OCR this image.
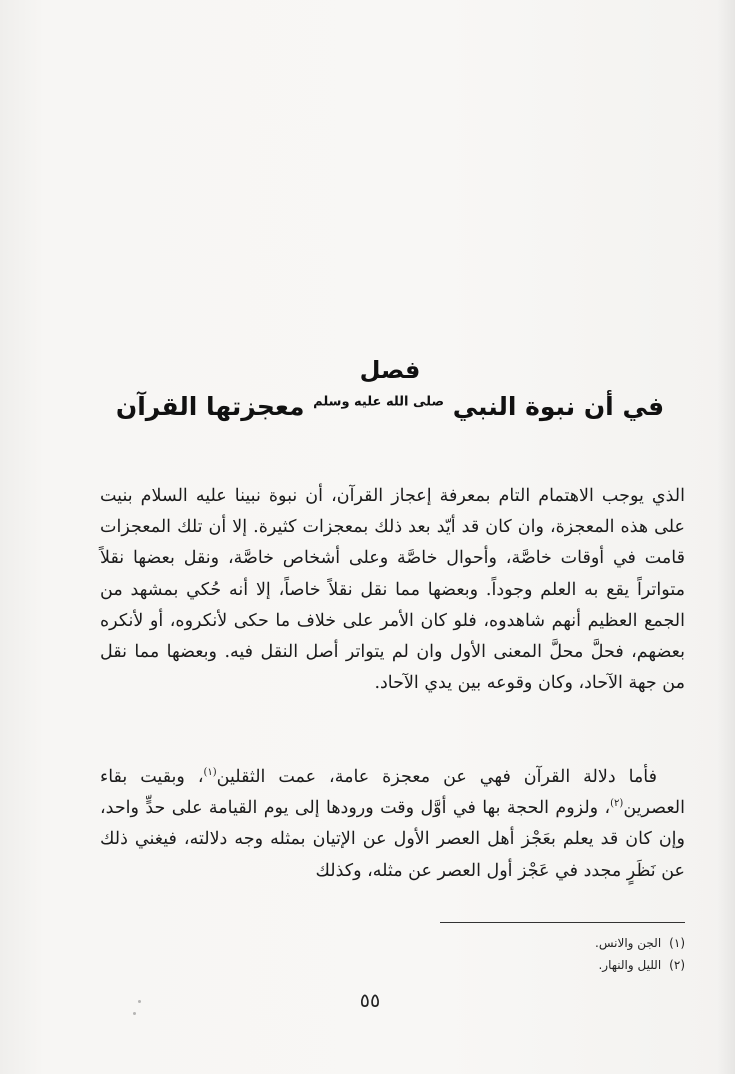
فصل
في أن نبوة النبي $^{صلى الله عليه وسلم}$ معجزتها القرآن
الذي يوجب الاهتمام التام بمعرفة إعجاز القرآن، أن نبوة نبينا عليه السلام بنيت على هذه المعجزة، وان كان قد أيّد بعد ذلك بمعجزات كثيرة. إلا أن تلك المعجزات قامت في أوقات خاصَّة، وأحوال خاصَّة وعلى أشخاص خاصَّة، ونقل بعضها نقلاً متواتراً يقع به العلم وجوداً. وبعضها مما نقل نقلاً خاصاً، إلا أنه حُكي بمشهد من الجمع العظيم أنهم شاهدوه، فلو كان الأمر على خلاف ما حكى لأنكروه، أو لأنكره بعضهم، فحلَّ محلَّ المعنى الأول وان لم يتواتر أصل النقل فيه. وبعضها مما نقل من جهة الآحاد، وكان وقوعه بين يدي الآحاد.
فأما دلالة القرآن فهي عن معجزة عامة، عمت الثقلين$^{(١)}$، وبقيت بقاء العصرين$^{(٢)}$، ولزوم الحجة بها في أوَّل وقت ورودها إلى يوم القيامة على حدٍّ واحد، وإن كان قد يعلم بعَجْز أهل العصر الأول عن الإتيان بمثله وجه دلالته، فيغني ذلك عن نَظَرٍ مجدد في عَجْز أول العصر عن مثله، وكذلك
(١)الجن والانس.
(٢)الليل والنهار.
٥٥
